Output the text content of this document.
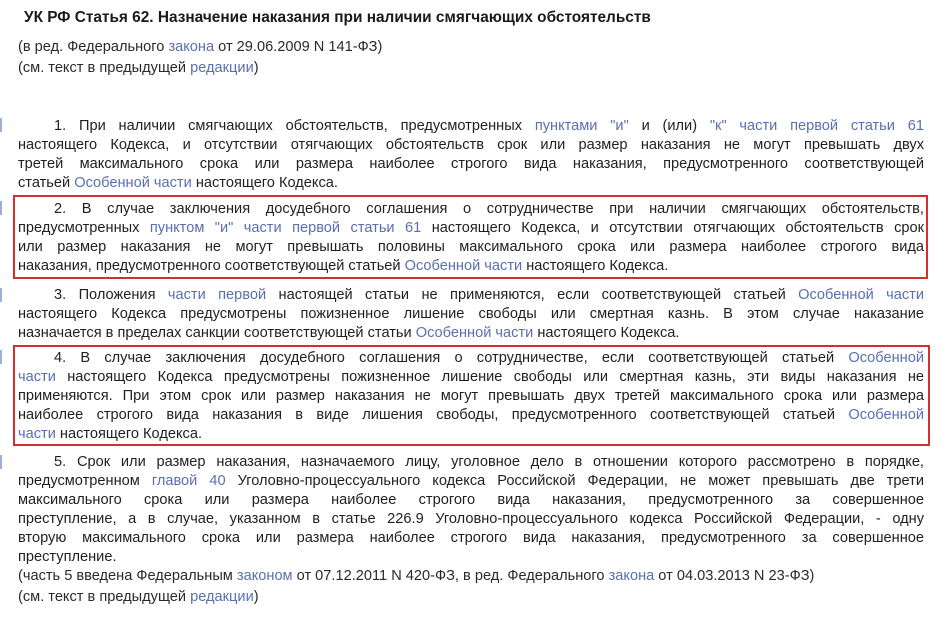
УК РФ Статья 62. Назначение наказания при наличии смягчающих обстоятельств
(в ред. Федерального закона от 29.06.2009 N 141-ФЗ)
(см. текст в предыдущей редакции)
1. При наличии смягчающих обстоятельств, предусмотренных пунктами "и" и (или) "к" части первой статьи 61
настоящего Кодекса, и отсутствии отягчающих обстоятельств срок или размер наказания не могут превышать двух
третей максимального срока или размера наиболее строгого вида наказания, предусмотренного соответствующей
статьей Особенной части настоящего Кодекса.
2. В случае заключения досудебного соглашения о сотрудничестве при наличии смягчающих обстоятельств,
предусмотренных пунктом "и" части первой статьи 61 настоящего Кодекса, и отсутствии отягчающих обстоятельств срок
или размер наказания не могут превышать половины максимального срока или размера наиболее строгого вида
наказания, предусмотренного соответствующей статьей Особенной части настоящего Кодекса.
3. Положения части первой настоящей статьи не применяются, если соответствующей статьей Особенной части
настоящего Кодекса предусмотрены пожизненное лишение свободы или смертная казнь. В этом случае наказание
назначается в пределах санкции соответствующей статьи Особенной части настоящего Кодекса.
4. В случае заключения досудебного соглашения о сотрудничестве, если соответствующей статьей Особенной
части настоящего Кодекса предусмотрены пожизненное лишение свободы или смертная казнь, эти виды наказания не
применяются. При этом срок или размер наказания не могут превышать двух третей максимального срока или размера
наиболее строгого вида наказания в виде лишения свободы, предусмотренного соответствующей статьей Особенной
части настоящего Кодекса.
5. Срок или размер наказания, назначаемого лицу, уголовное дело в отношении которого рассмотрено в порядке,
предусмотренном главой 40 Уголовно-процессуального кодекса Российской Федерации, не может превышать две трети
максимального срока или размера наиболее строгого вида наказания, предусмотренного за совершенное
преступление, а в случае, указанном в статье 226.9 Уголовно-процессуального кодекса Российской Федерации, - одну
вторую максимального срока или размера наиболее строгого вида наказания, предусмотренного за совершенное
преступление.
(часть 5 введена Федеральным законом от 07.12.2011 N 420-ФЗ, в ред. Федерального закона от 04.03.2013 N 23-ФЗ)
(см. текст в предыдущей редакции)
